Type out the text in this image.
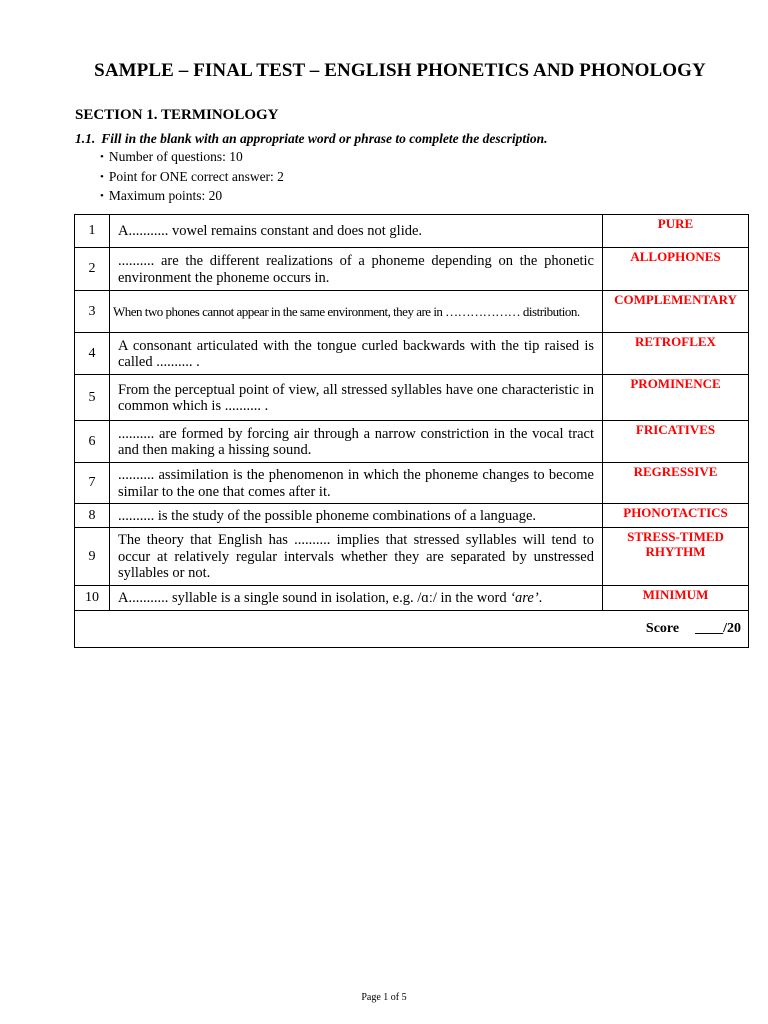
SAMPLE – FINAL TEST – ENGLISH PHONETICS AND PHONOLOGY
SECTION 1. TERMINOLOGY
1.1. Fill in the blank with an appropriate word or phrase to complete the description.
• Number of questions: 10
• Point for ONE correct answer: 2
• Maximum points: 20
1	A........... vowel remains constant and does not glide.	PURE
2	.......... are the different realizations of a phoneme depending on the phonetic environment the phoneme occurs in.	ALLOPHONES
3	When two phones cannot appear in the same environment, they are in ……………… distribution.	COMPLEMENTARY
4	A consonant articulated with the tongue curled backwards with the tip raised is called .......... .	RETROFLEX
5	From the perceptual point of view, all stressed syllables have one characteristic in common which is .......... .	PROMINENCE
6	.......... are formed by forcing air through a narrow constriction in the vocal tract and then making a hissing sound.	FRICATIVES
7	.......... assimilation is the phenomenon in which the phoneme changes to become similar to the one that comes after it.	REGRESSIVE
8	.......... is the study of the possible phoneme combinations of a language.	PHONOTACTICS
9	The theory that English has .......... implies that stressed syllables will tend to occur at relatively regular intervals whether they are separated by unstressed syllables or not.	STRESS-TIMED RHYTHM
10	A........... syllable is a single sound in isolation, e.g. /ɑː/ in the word ‘are’.	MINIMUM
Score ____/20		
Page 1 of 5
